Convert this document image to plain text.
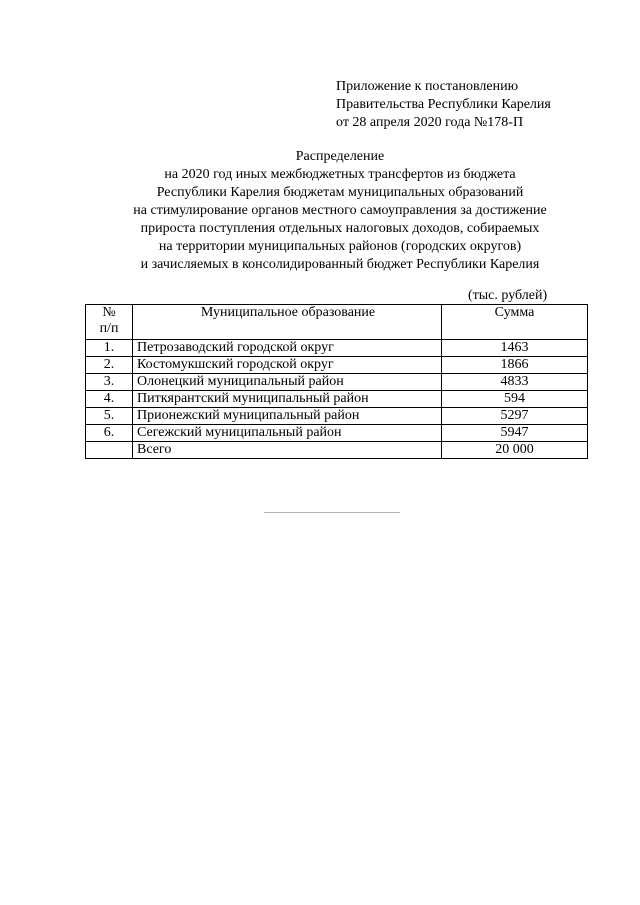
Приложение к постановлению
Правительства Республики Карелия
от 28 апреля 2020 года №178-П
Распределение
на 2020 год иных межбюджетных трансфертов из бюджета
Республики Карелия бюджетам муниципальных образований
на стимулирование органов местного самоуправления за достижение
прироста поступления отдельных налоговых доходов, собираемых
на территории муниципальных районов (городских округов)
и зачисляемых в консолидированный бюджет Республики Карелия
(тыс. рублей)
№
п/п	Муниципальное образование	Сумма
1.	Петрозаводский городской округ	1463
2.	Костомукшский городской округ	1866
3.	Олонецкий муниципальный район	4833
4.	Питкярантский муниципальный район	594
5.	Прионежский муниципальный район	5297
6.	Сегежский муниципальный район	5947
	Всего	20 000
